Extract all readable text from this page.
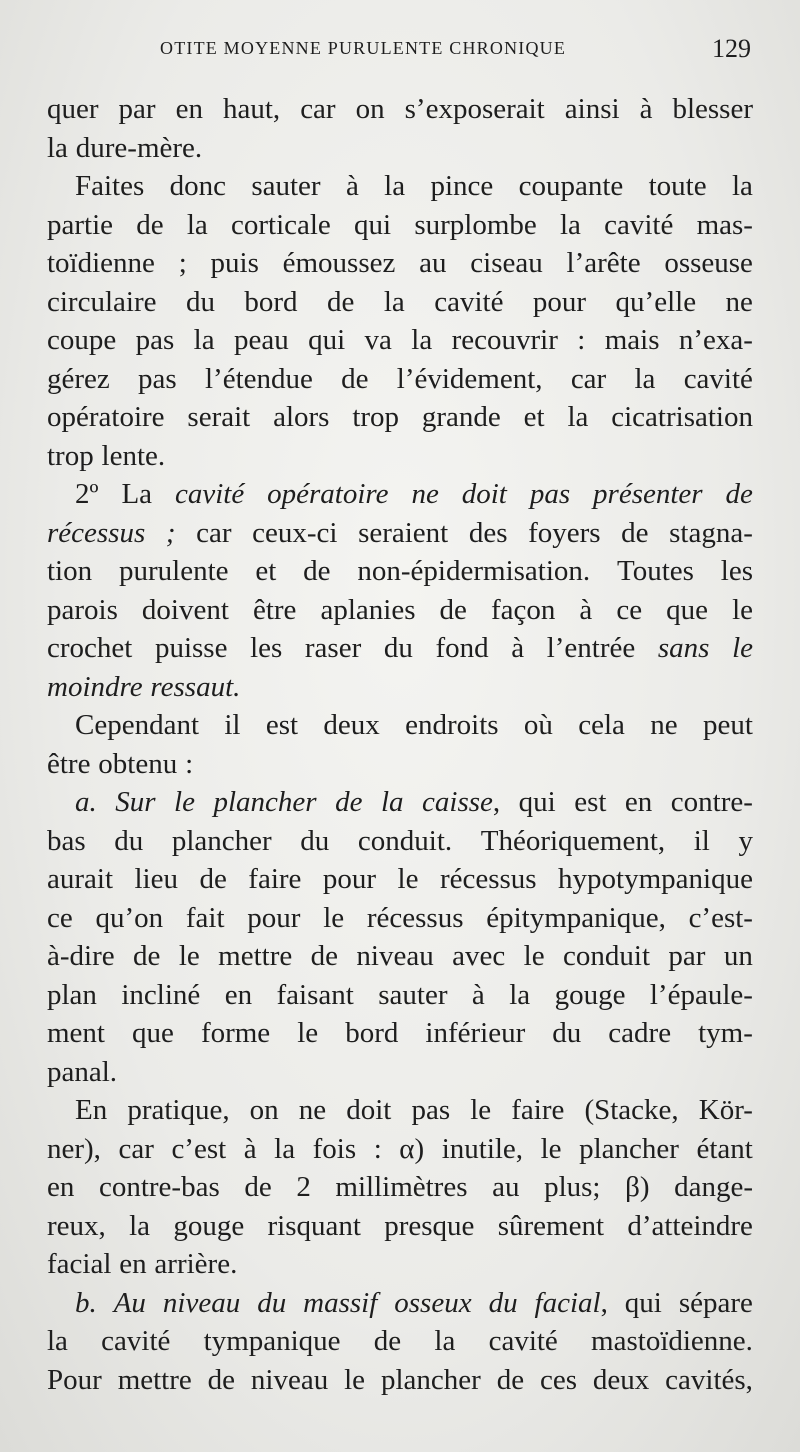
OTITE MOYENNE PURULENTE CHRONIQUE	129
quer par en haut, car on s’exposerait ainsi à blesser
la dure-mère.
Faites donc sauter à la pince coupante toute la
partie de la corticale qui surplombe la cavité mas-
toïdienne ; puis émoussez au ciseau l’arête osseuse
circulaire du bord de la cavité pour qu’elle ne
coupe pas la peau qui va la recouvrir : mais n’exa-
gérez pas l’étendue de l’évidement, car la cavité
opératoire serait alors trop grande et la cicatrisation
trop lente.
2º La cavité opératoire ne doit pas présenter de
récessus ; car ceux-ci seraient des foyers de stagna-
tion purulente et de non-épidermisation. Toutes les
parois doivent être aplanies de façon à ce que le
crochet puisse les raser du fond à l’entrée sans le
moindre ressaut.
Cependant il est deux endroits où cela ne peut
être obtenu :
a. Sur le plancher de la caisse, qui est en contre-
bas du plancher du conduit. Théoriquement, il y
aurait lieu de faire pour le récessus hypotympanique
ce qu’on fait pour le récessus épitympanique, c’est-
à-dire de le mettre de niveau avec le conduit par un
plan incliné en faisant sauter à la gouge l’épaule-
ment que forme le bord inférieur du cadre tym-
panal.
En pratique, on ne doit pas le faire (Stacke, Kör-
ner), car c’est à la fois : α) inutile, le plancher étant
en contre-bas de 2 millimètres au plus; β) dange-
reux, la gouge risquant presque sûrement d’atteindre
facial en arrière.
b. Au niveau du massif osseux du facial, qui sépare
la cavité tympanique de la cavité mastoïdienne.
Pour mettre de niveau le plancher de ces deux cavités,
